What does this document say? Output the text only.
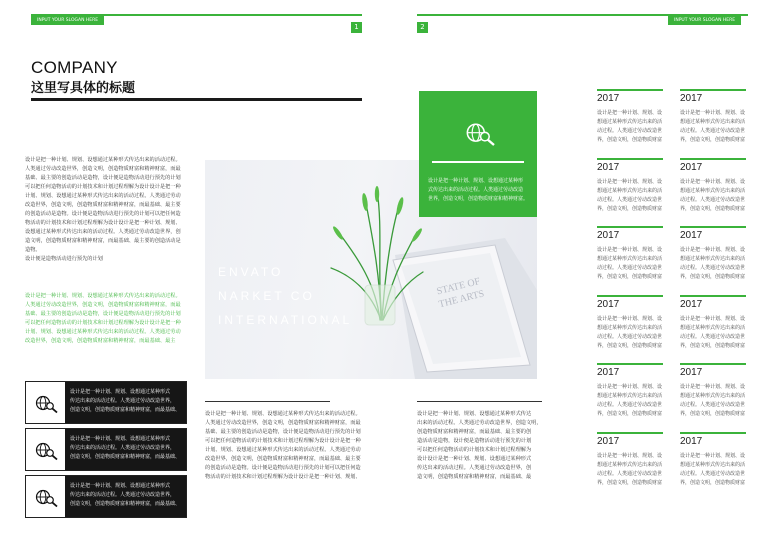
INPUT YOUR SLOGAN HERE
1	2
INPUT YOUR SLOGAN HERE
COMPANY
这里写具体的标题
设计是把一种计划、规划、设想通过某种形式传达出来的活动过程。
人类通过劳动改造世界，创造文明，创造物质财富和精神财富，而最
基础、最主要的创造活动是造物，设计便是造物活动进行预先的计划
可以把任何造物活动的计划技术和计划过程理解为设计设计是把一种
计划、规划、设想通过某种形式传达出来的活动过程。人类通过劳动
改造世界，创造文明，创造物质财富和精神财富，而最基础、最主要
的创造活动是造物。设计便是造物活动进行预先的计划可以把任何造
物活动的计划技术和计划过程理解为设计设计是把一种计划、规划、
设想通过某种形式传达出来的活动过程。人类通过劳动改造世界，创
造文明，创造物质财富和精神财富，而最基础、最主要的创造活动是
造物。
设计便是造物活动进行预先的计划
设计是把一种计划、规划、设想通过某种形式传达出来的活动过程。
人类通过劳动改造世界，创造文明，创造物质财富和精神财富，而最
基础、最主要的创造活动是造物，设计便是造物活动进行预先的计划
可以把任何造物活动的计划技术和计划过程理解为设计设计是把一种
计划、规划、设想通过某种形式传达出来的活动过程。人类通过劳动
改造世界，创造文明，创造物质财富和精神财富，而最基础、最主
设计是把一种计划、规划、设想通过某种形式
传达出来的活动过程。人类通过劳动改造世界，
创造文明，创造物质财富和精神财富，而最基础、
设计是把一种计划、规划、设想通过某种形式
传达出来的活动过程。人类通过劳动改造世界，
创造文明，创造物质财富和精神财富，而最基础、
设计是把一种计划、规划、设想通过某种形式
传达出来的活动过程。人类通过劳动改造世界，
创造文明，创造物质财富和精神财富，而最基础、
ENVATO
NARKET CO
INTERNATIONAL
STATE OF THE ARTS
设计是把一种计划、规划、设想通过某种形
式传达出来的活动过程。人类通过劳动改造
世界，创造文明，创造物质财富和精神财富。
设计是把一种计划、规划、设想通过某种形式传达出来的活动过程。
人类通过劳动改造世界，创造文明，创造物质财富和精神财富，而最
基础、最主要的创造活动是造物，设计便是造物活动进行预先的计划
可以把任何造物活动的计划技术和计划过程理解为设计设计是把一种
计划、规划、设想通过某种形式传达出来的活动过程。人类通过劳动
改造世界，创造文明，创造物质财富和精神财富，而最基础、最主要
的创造活动是造物。设计便是造物活动进行预先的计划可以把任何造
物活动的计划技术和计划过程理解为设计设计是把一种计划、规划、
设计是把一种计划、规划、设想通过某种形式传达
出来的活动过程。人类通过劳动改造世界，创造文明，
创造物质财富和精神财富，而最基础、最主要的创
造活动是造物，设计便是造物活动进行预先的计划
可以把任何造物活动的计划技术和计划过程理解为
设计设计是把一种计划、规划、设想通过某种形式
传达出来的活动过程。人类通过劳动改造世界，创
造文明，创造物质财富和精神财富，而最基础、最
2017
设计是把一种计划、规划、设
想通过某种形式传达出来的活
动过程。人类通过劳动改造世
界，创造文明，创造物质财富
2017
设计是把一种计划、规划、设
想通过某种形式传达出来的活
动过程。人类通过劳动改造世
界，创造文明，创造物质财富
2017
设计是把一种计划、规划、设
想通过某种形式传达出来的活
动过程。人类通过劳动改造世
界，创造文明，创造物质财富
2017
设计是把一种计划、规划、设
想通过某种形式传达出来的活
动过程。人类通过劳动改造世
界，创造文明，创造物质财富
2017
设计是把一种计划、规划、设
想通过某种形式传达出来的活
动过程。人类通过劳动改造世
界，创造文明，创造物质财富
2017
设计是把一种计划、规划、设
想通过某种形式传达出来的活
动过程。人类通过劳动改造世
界，创造文明，创造物质财富
2017
设计是把一种计划、规划、设
想通过某种形式传达出来的活
动过程。人类通过劳动改造世
界，创造文明，创造物质财富
2017
设计是把一种计划、规划、设
想通过某种形式传达出来的活
动过程。人类通过劳动改造世
界，创造文明，创造物质财富
2017
设计是把一种计划、规划、设
想通过某种形式传达出来的活
动过程。人类通过劳动改造世
界，创造文明，创造物质财富
2017
设计是把一种计划、规划、设
想通过某种形式传达出来的活
动过程。人类通过劳动改造世
界，创造文明，创造物质财富
2017
设计是把一种计划、规划、设
想通过某种形式传达出来的活
动过程。人类通过劳动改造世
界，创造文明，创造物质财富
2017
设计是把一种计划、规划、设
想通过某种形式传达出来的活
动过程。人类通过劳动改造世
界，创造文明，创造物质财富
